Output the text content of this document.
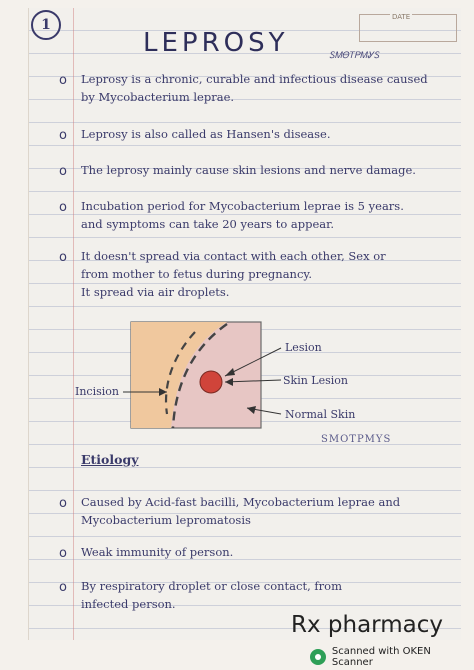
1	DATE
LEPROSY	ᏚᎷᎾᎢᏢᎷᎽᏚ
o	Leprosy is a chronic, curable and infectious disease caused
by Mycobacterium leprae.
o	Leprosy is also called as Hansen's disease.
o	The leprosy mainly cause skin lesions and nerve damage.
o	Incubation period for Mycobacterium leprae is 5 years.
and symptoms can take 20 years to appear.
o	It doesn't spread via contact with each other, Sex or
from mother to fetus during pregnancy.
It spread via air droplets.
Lesion
Skin Lesion
Normal Skin
Incision
SMOTPMYS
Etiology
o	Caused by Acid-fast bacilli, Mycobacterium leprae and
Mycobacterium lepromatosis
o	Weak immunity of person.
o	By respiratory droplet or close contact, from
infected person.
Rx pharmacy
Scanned with OKEN Scanner
